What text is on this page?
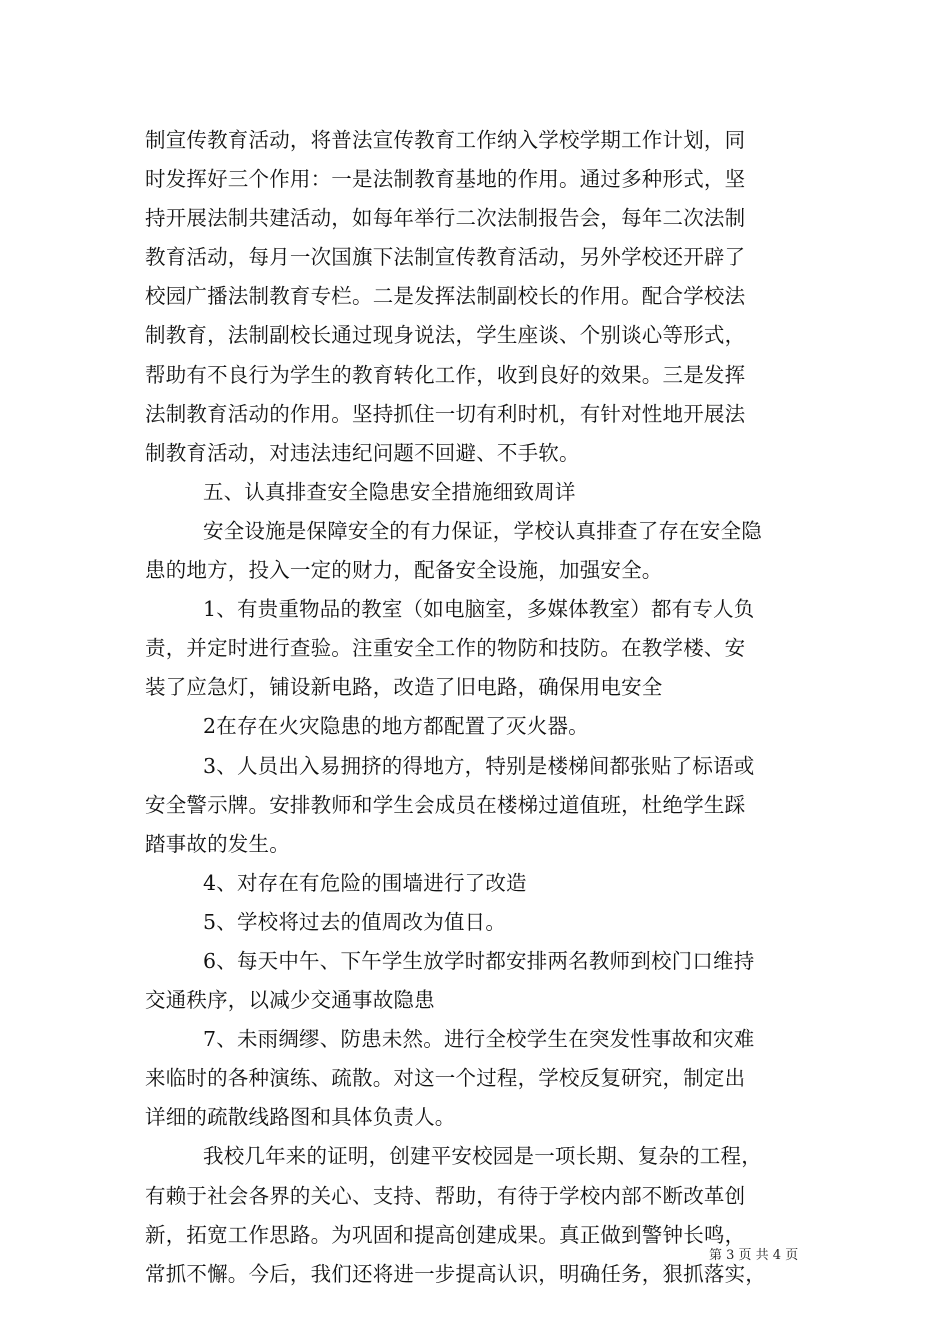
制宣传教育活动，将普法宣传教育工作纳入学校学期工作计划，同
时发挥好三个作用：一是法制教育基地的作用。通过多种形式，坚
持开展法制共建活动，如每年举行二次法制报告会，每年二次法制
教育活动，每月一次国旗下法制宣传教育活动，另外学校还开辟了
校园广播法制教育专栏。二是发挥法制副校长的作用。配合学校法
制教育，法制副校长通过现身说法，学生座谈、个别谈心等形式，
帮助有不良行为学生的教育转化工作，收到良好的效果。三是发挥
法制教育活动的作用。坚持抓住一切有利时机，有针对性地开展法
制教育活动，对违法违纪问题不回避、不手软。
五、认真排查安全隐患安全措施细致周详
安全设施是保障安全的有力保证，学校认真排查了存在安全隐
患的地方，投入一定的财力，配备安全设施，加强安全。
1、有贵重物品的教室（如电脑室，多媒体教室）都有专人负
责，并定时进行查验。注重安全工作的物防和技防。在教学楼、安
装了应急灯，铺设新电路，改造了旧电路，确保用电安全
2在存在火灾隐患的地方都配置了灭火器。
3、人员出入易拥挤的得地方，特别是楼梯间都张贴了标语或
安全警示牌。安排教师和学生会成员在楼梯过道值班，杜绝学生踩
踏事故的发生。
4、对存在有危险的围墙进行了改造
5、学校将过去的值周改为值日。
6、每天中午、下午学生放学时都安排两名教师到校门口维持
交通秩序，以减少交通事故隐患
7、未雨绸缪、防患未然。进行全校学生在突发性事故和灾难
来临时的各种演练、疏散。对这一个过程，学校反复研究，制定出
详细的疏散线路图和具体负责人。
我校几年来的证明，创建平安校园是一项长期、复杂的工程，
有赖于社会各界的关心、支持、帮助，有待于学校内部不断改革创
新，拓宽工作思路。为巩固和提高创建成果。真正做到警钟长鸣，
常抓不懈。今后，我们还将进一步提高认识，明确任务，狠抓落实，
第 3 页 共 4 页
